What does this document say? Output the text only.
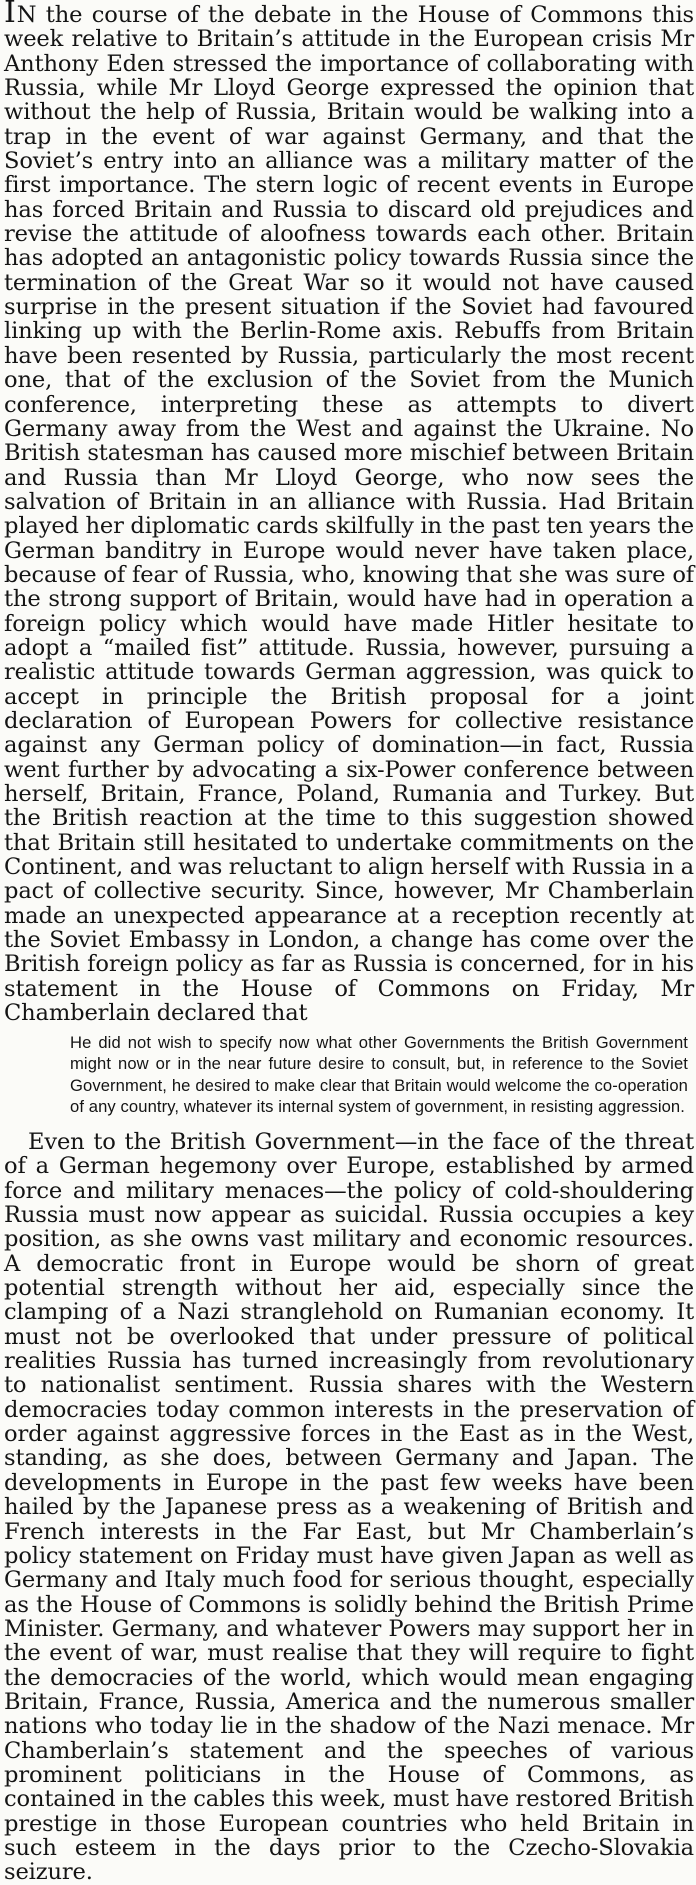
IN the course of the debate in the House of Commons this week relative to Britain’s attitude in the European crisis Mr Anthony Eden stressed the importance of collaborating with Russia, while Mr Lloyd George expressed the opinion that without the help of Russia, Britain would be walking into a trap in the event of war against Germany, and that the Soviet’s entry into an alliance was a military matter of the first importance. The stern logic of recent events in Europe has forced Britain and Russia to discard old prejudices and revise the attitude of aloofness towards each other. Britain has adopted an antagonistic policy towards Russia since the termination of the Great War so it would not have caused surprise in the present situation if the Soviet had favoured linking up with the Berlin-Rome axis. Rebuffs from Britain have been resented by Russia, particularly the most recent one, that of the exclusion of the Soviet from the Munich conference, interpreting these as attempts to divert Germany away from the West and against the Ukraine. No British statesman has caused more mischief between Britain and Russia than Mr Lloyd George, who now sees the salvation of Britain in an alliance with Russia. Had Britain played her diplomatic cards skilfully in the past ten years the German banditry in Europe would never have taken place, because of fear of Russia, who, knowing that she was sure of the strong support of Britain, would have had in operation a foreign policy which would have made Hitler hesitate to adopt a “mailed fist” attitude. Russia, however, pursuing a realistic attitude towards German aggression, was quick to accept in principle the British proposal for a joint declaration of European Powers for collective resistance against any German policy of domination—in fact, Russia went further by advocating a six-Power conference between herself, Britain, France, Poland, Rumania and Turkey. But the British reaction at the time to this suggestion showed that Britain still hesitated to undertake commitments on the Continent, and was reluctant to align herself with Russia in a pact of collective security. Since, however, Mr Chamberlain made an unexpected appearance at a reception recently at the Soviet Embassy in London, a change has come over the British foreign policy as far as Russia is concerned, for in his statement in the House of Commons on Friday, Mr Chamberlain declared that

He did not wish to specify now what other Governments the British Government might now or in the near future desire to consult, but, in reference to the Soviet Government, he desired to make clear that Britain would welcome the co-operation of any country, whatever its internal system of government, in resisting aggression.

Even to the British Government—in the face of the threat of a German hegemony over Europe, established by armed force and military menaces—the policy of cold-shouldering Russia must now appear as suicidal. Russia occupies a key position, as she owns vast military and economic resources. A democratic front in Europe would be shorn of great potential strength without her aid, especially since the clamping of a Nazi stranglehold on Rumanian economy. It must not be overlooked that under pressure of political realities Russia has turned increasingly from revolutionary to nationalist sentiment. Russia shares with the Western democracies today common interests in the preservation of order against aggressive forces in the East as in the West, standing, as she does, between Germany and Japan. The developments in Europe in the past few weeks have been hailed by the Japanese press as a weakening of British and French interests in the Far East, but Mr Chamberlain’s policy statement on Friday must have given Japan as well as Germany and Italy much food for serious thought, especially as the House of Commons is solidly behind the British Prime Minister. Germany, and whatever Powers may support her in the event of war, must realise that they will require to fight the democracies of the world, which would mean engaging Britain, France, Russia, America and the numerous smaller nations who today lie in the shadow of the Nazi menace. Mr Chamberlain’s statement and the speeches of various prominent politicians in the House of Commons, as contained in the cables this week, must have restored British prestige in those European countries who held Britain in such esteem in the days prior to the Czecho-Slovakia seizure.
